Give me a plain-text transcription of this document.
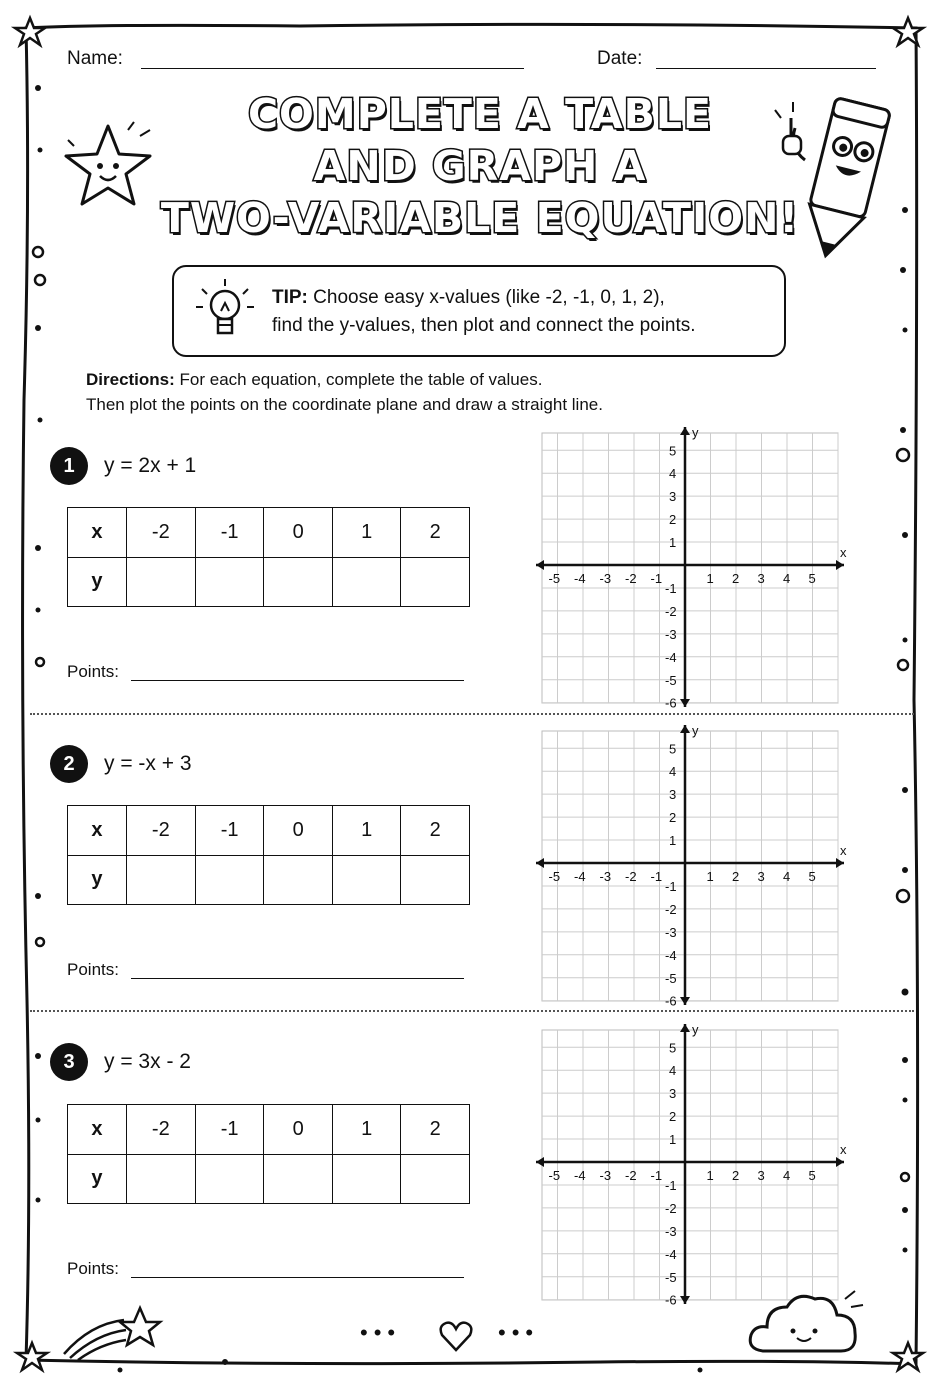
Name:	Date:
COMPLETE A TABLE
AND GRAPH A
TWO-VARIABLE EQUATION!
TIP: Choose easy x-values (like -2, -1, 0, 1, 2),
find the y-values, then plot and connect the points.
Directions: For each equation, complete the table of values.
Then plot the points on the coordinate plane and draw a straight line.
1	y = 2x + 1
x	-2	-1	0	1	2
y					
Points:
x
y
-5 -4 -3 -2 -1	1 2 3 4 5
5
4
3
2
1
-1
-2
-3
-4
-5
-6
2	y = -x + 3
x	-2	-1	0	1	2
y					
Points:
x
y
-5 -4 -3 -2 -1	1 2 3 4 5
5
4
3
2
1
-1
-2
-3
-4
-5
-6
3	y = 3x - 2
x	-2	-1	0	1	2
y					
Points:
x
y
-5 -4 -3 -2 -1	1 2 3 4 5
5
4
3
2
1
-1
-2
-3
-4
-5
-6
•••	•••
